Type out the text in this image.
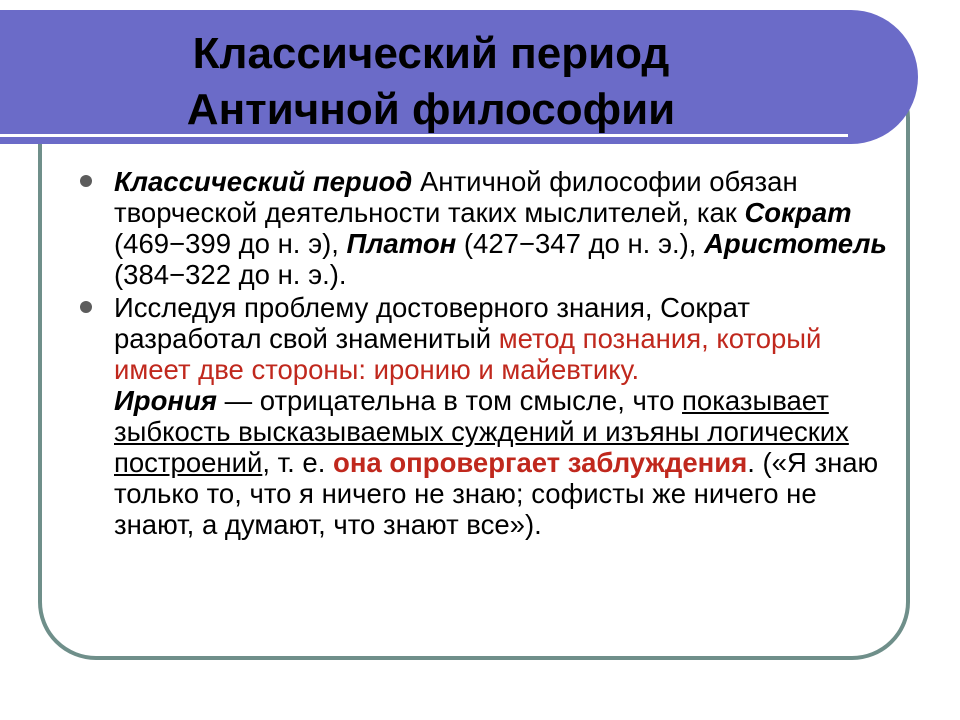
Классический период
Античной философии
Классический период Античной философии обязан творческой деятельности таких мыслителей, как Сократ (469−399 до н. э), Платон (427−347 до н. э.), Аристотель (384−322 до н. э.).
Исследуя проблему достоверного знания, Сократ разработал свой знаменитый метод познания, который имеет две стороны: иронию и майевтику.
Ирония — отрицательна в том смысле, что показывает зыбкость высказываемых суждений и изъяны логических построений, т. е. она опровергает заблуждения. («Я знаю только то, что я ничего не знаю; софисты же ничего не знают, а думают, что знают все»).
